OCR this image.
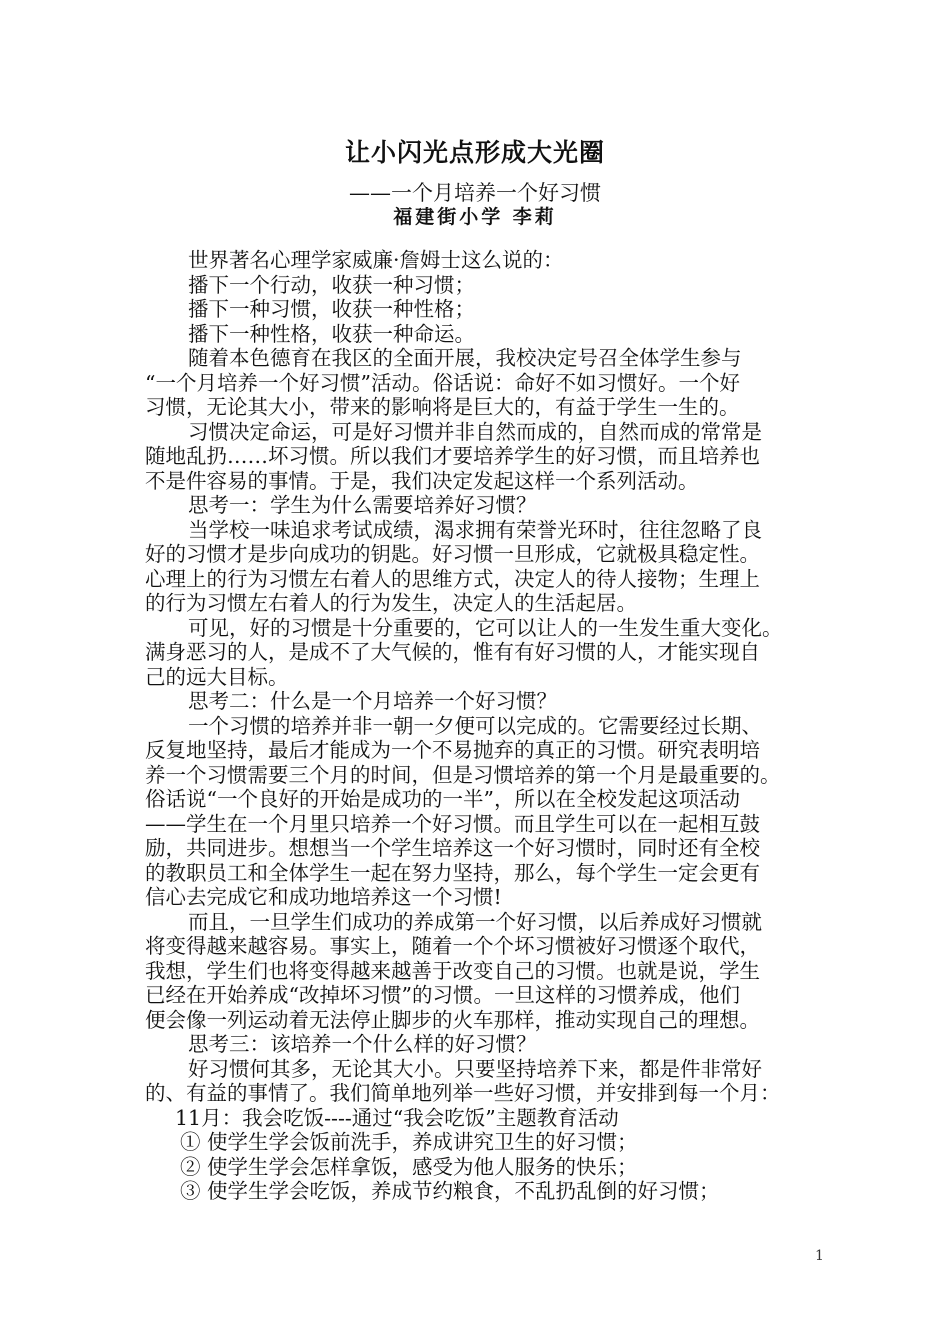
让小闪光点形成大光圈
——一个月培养一个好习惯
福建街小学 李莉

世界著名心理学家威廉·詹姆士这么说的：

播下一个行动，收获一种习惯；

播下一种习惯，收获一种性格；

播下一种性格，收获一种命运。

随着本色德育在我区的全面开展，我校决定号召全体学生参与

“一个月培养一个好习惯”活动。俗话说：命好不如习惯好。一个好

习惯，无论其大小，带来的影响将是巨大的，有益于学生一生的。

习惯决定命运，可是好习惯并非自然而成的，自然而成的常常是

随地乱扔……坏习惯。所以我们才要培养学生的好习惯，而且培养也

不是件容易的事情。于是，我们决定发起这样一个系列活动。

思考一：学生为什么需要培养好习惯？

当学校一味追求考试成绩，渴求拥有荣誉光环时，往往忽略了良

好的习惯才是步向成功的钥匙。好习惯一旦形成，它就极具稳定性。

心理上的行为习惯左右着人的思维方式，决定人的待人接物；生理上

的行为习惯左右着人的行为发生，决定人的生活起居。

可见，好的习惯是十分重要的，它可以让人的一生发生重大变化。

满身恶习的人，是成不了大气候的，惟有有好习惯的人，才能实现自

己的远大目标。

思考二：什么是一个月培养一个好习惯？

一个习惯的培养并非一朝一夕便可以完成的。它需要经过长期、

反复地坚持，最后才能成为一个不易抛弃的真正的习惯。研究表明培

养一个习惯需要三个月的时间，但是习惯培养的第一个月是最重要的。

俗话说“一个良好的开始是成功的一半”，所以在全校发起这项活动

——学生在一个月里只培养一个好习惯。而且学生可以在一起相互鼓

励，共同进步。想想当一个学生培养这一个好习惯时，同时还有全校

的教职员工和全体学生一起在努力坚持，那么，每个学生一定会更有

信心去完成它和成功地培养这一个习惯!

而且，一旦学生们成功的养成第一个好习惯，以后养成好习惯就

将变得越来越容易。事实上，随着一个个坏习惯被好习惯逐个取代，

我想，学生们也将变得越来越善于改变自己的习惯。也就是说，学生

已经在开始养成“改掉坏习惯”的习惯。一旦这样的习惯养成，他们

便会像一列运动着无法停止脚步的火车那样，推动实现自己的理想。

思考三：该培养一个什么样的好习惯？

好习惯何其多，无论其大小。只要坚持培养下来，都是件非常好

的、有益的事情了。我们简单地列举一些好习惯，并安排到每一个月：

11月：我会吃饭----通过“我会吃饭”主题教育活动

① 使学生学会饭前洗手，养成讲究卫生的好习惯；

② 使学生学会怎样拿饭，感受为他人服务的快乐；

③ 使学生学会吃饭，养成节约粮食，不乱扔乱倒的好习惯；

1
